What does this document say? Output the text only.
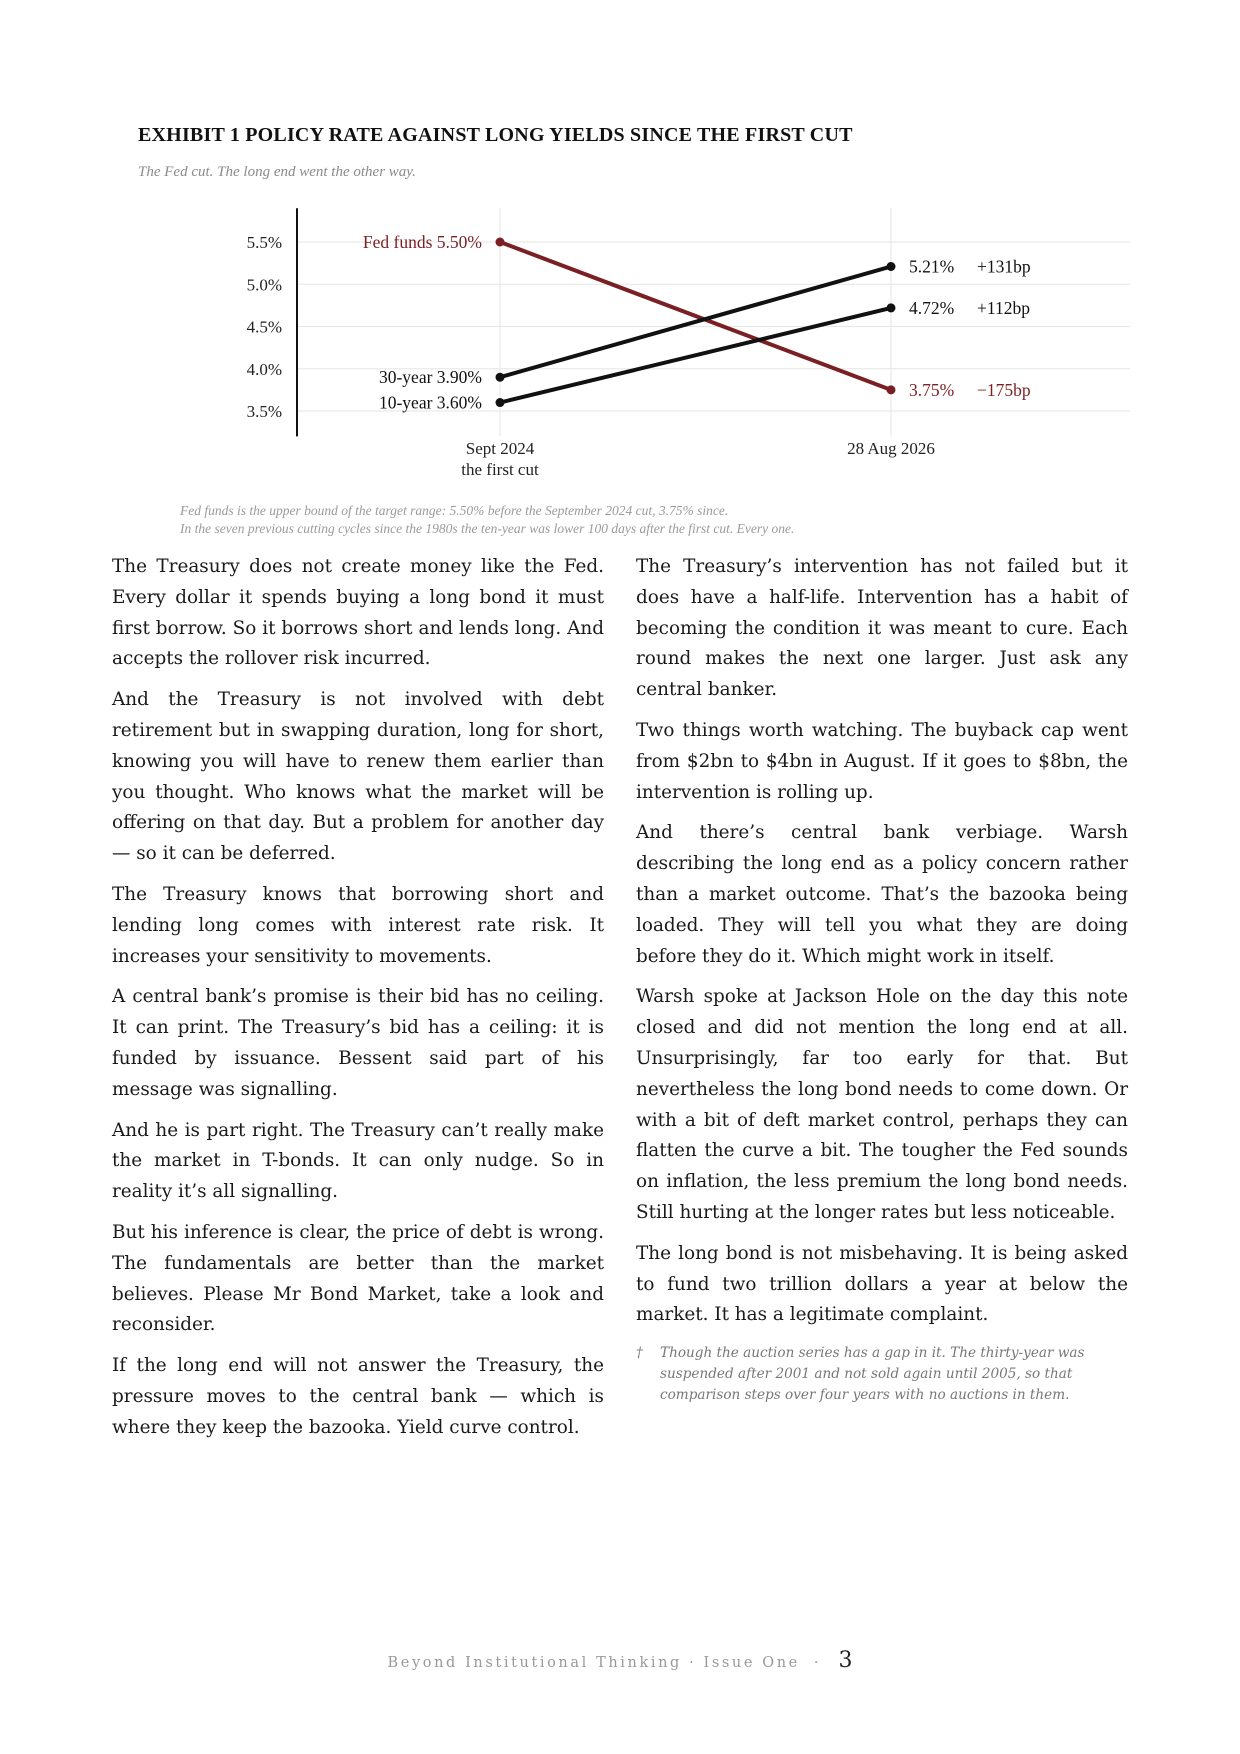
EXHIBIT 1 POLICY RATE AGAINST LONG YIELDS SINCE THE FIRST CUT
The Fed cut. The long end went the other way.
5.5%
5.0%
4.5%
4.0%
3.5%
Sept 2024
the first cut
28 Aug 2026
Fed funds 5.50%
3.75% −175bp
30-year 3.90%
5.21% +131bp
10-year 3.60%
4.72% +112bp
Fed funds is the upper bound of the target range: 5.50% before the September 2024 cut, 3.75% since.
In the seven previous cutting cycles since the 1980s the ten-year was lower 100 days after the first cut. Every one.

The Treasury does not create money like the Fed. Every dollar it spends buying a long bond it must first borrow. So it borrows short and lends long. And accepts the rollover risk incurred.

And the Treasury is not involved with debt retirement but in swapping duration, long for short, knowing you will have to renew them earlier than you thought. Who knows what the market will be offering on that day. But a problem for another day — so it can be deferred.

The Treasury knows that borrowing short and lending long comes with interest rate risk. It increases your sensitivity to movements.

A central bank’s promise is their bid has no ceiling. It can print. The Treasury’s bid has a ceiling: it is funded by issuance. Bessent said part of his message was signalling.

And he is part right. The Treasury can’t really make the market in T-bonds. It can only nudge. So in reality it’s all signalling.

But his inference is clear, the price of debt is wrong. The fundamentals are better than the market believes. Please Mr Bond Market, take a look and reconsider.

If the long end will not answer the Treasury, the pressure moves to the central bank — which is where they keep the bazooka. Yield curve control.

The Treasury’s intervention has not failed but it does have a half-life. Intervention has a habit of becoming the condition it was meant to cure. Each round makes the next one larger. Just ask any central banker.

Two things worth watching. The buyback cap went from $2bn to $4bn in August. If it goes to $8bn, the intervention is rolling up.

And there’s central bank verbiage. Warsh describing the long end as a policy concern rather than a market outcome. That’s the bazooka being loaded. They will tell you what they are doing before they do it. Which might work in itself.

Warsh spoke at Jackson Hole on the day this note closed and did not mention the long end at all. Unsurprisingly, far too early for that. But nevertheless the long bond needs to come down. Or with a bit of deft market control, perhaps they can flatten the curve a bit. The tougher the Fed sounds on inflation, the less premium the long bond needs. Still hurting at the longer rates but less noticeable.

The long bond is not misbehaving. It is being asked to fund two trillion dollars a year at below the market. It has a legitimate complaint.

† Though the auction series has a gap in it. The thirty-year was suspended after 2001 and not sold again until 2005, so that comparison steps over four years with no auctions in them.
Beyond Institutional Thinking · Issue One · 3
